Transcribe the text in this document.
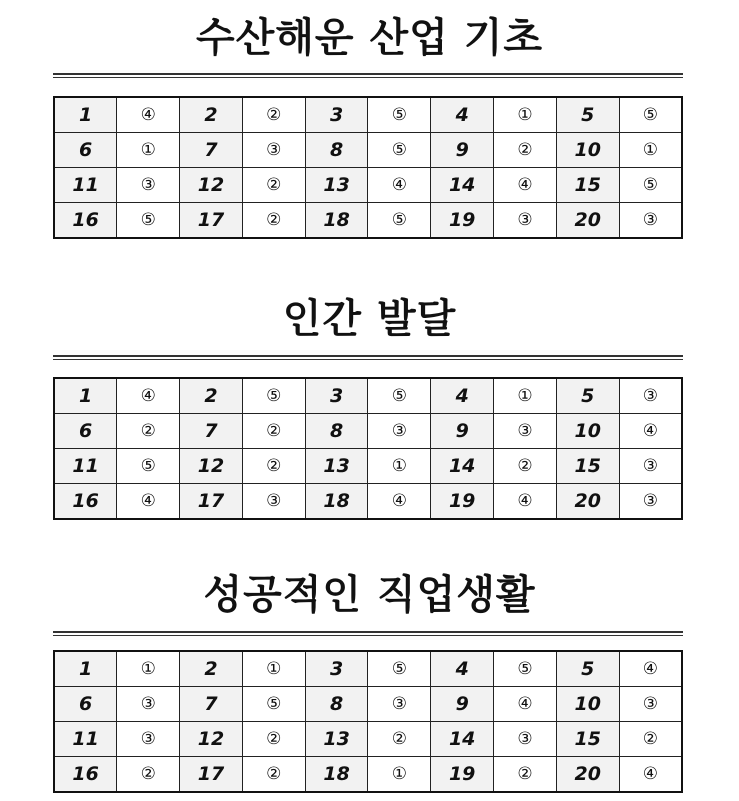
수산해운 산업 기초
1	④	2	②	3	⑤	4	①	5	⑤
6	①	7	③	8	⑤	9	②	10	①
11	③	12	②	13	④	14	④	15	⑤
16	⑤	17	②	18	⑤	19	③	20	③
인간 발달
1	④	2	⑤	3	⑤	4	①	5	③
6	②	7	②	8	③	9	③	10	④
11	⑤	12	②	13	①	14	②	15	③
16	④	17	③	18	④	19	④	20	③
성공적인 직업생활
1	①	2	①	3	⑤	4	⑤	5	④
6	③	7	⑤	8	③	9	④	10	③
11	③	12	②	13	②	14	③	15	②
16	②	17	②	18	①	19	②	20	④
